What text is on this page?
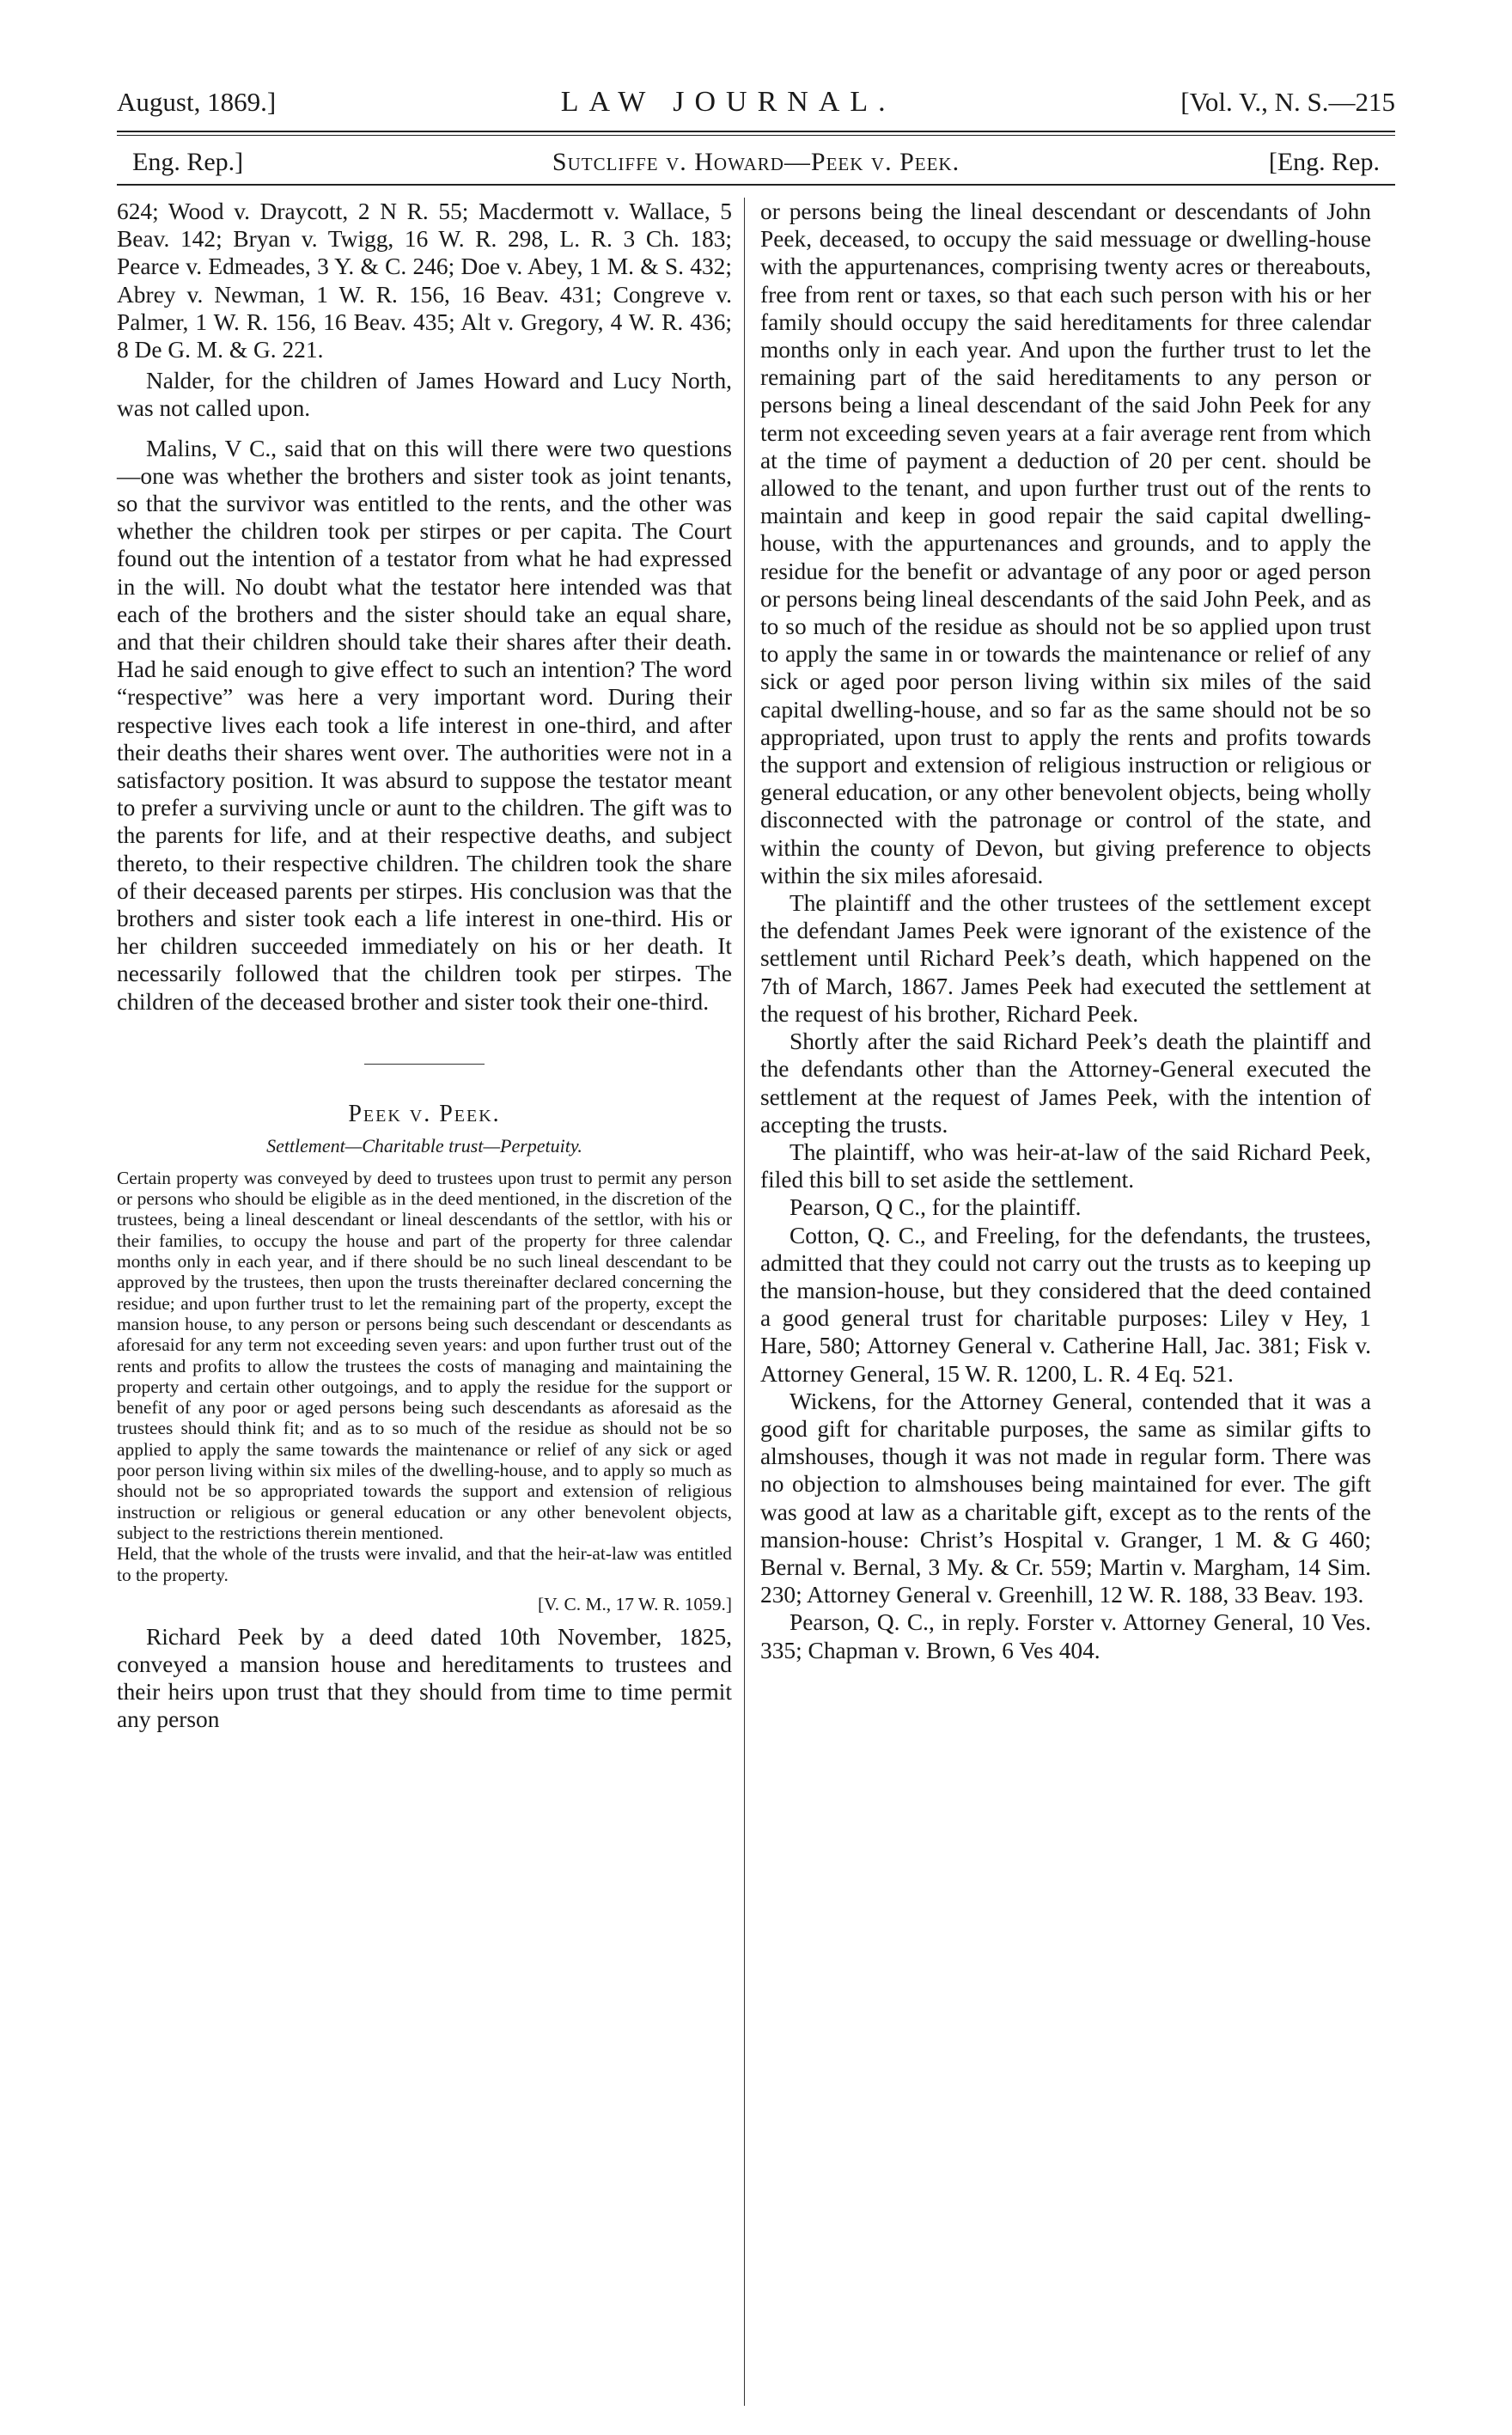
August, 1869.]	LAW JOURNAL.	[Vol. V., N. S.—215
Eng. Rep.]	Sutcliffe v. Howard—Peek v. Peek.	[Eng. Rep.

624; Wood v. Draycott, 2 N R. 55; Macdermott v. Wallace, 5 Beav. 142; Bryan v. Twigg, 16 W. R. 298, L. R. 3 Ch. 183; Pearce v. Edmeades, 3 Y. & C. 246; Doe v. Abey, 1 M. & S. 432; Abrey v. Newman, 1 W. R. 156, 16 Beav. 431; Congreve v. Palmer, 1 W. R. 156, 16 Beav. 435; Alt v. Gregory, 4 W. R. 436; 8 De G. M. & G. 221.

Nalder, for the children of James Howard and Lucy North, was not called upon.

Malins, V C., said that on this will there were two questions—one was whether the brothers and sister took as joint tenants, so that the survivor was entitled to the rents, and the other was whether the children took per stirpes or per capita. The Court found out the intention of a testator from what he had expressed in the will. No doubt what the testator here intended was that each of the brothers and the sister should take an equal share, and that their children should take their shares after their death. Had he said enough to give effect to such an intention? The word “respective” was here a very important word. During their respective lives each took a life interest in one-third, and after their deaths their shares went over. The authorities were not in a satisfactory position. It was absurd to suppose the testator meant to prefer a surviving uncle or aunt to the children. The gift was to the parents for life, and at their respective deaths, and subject thereto, to their respective children. The children took the share of their deceased parents per stirpes. His conclusion was that the brothers and sister took each a life interest in one-third. His or her children succeeded immediately on his or her death. It necessarily followed that the children took per stirpes. The children of the deceased brother and sister took their one-third.

Peek v. Peek.
Settlement—Charitable trust—Perpetuity.

Certain property was conveyed by deed to trustees upon trust to permit any person or persons who should be eligible as in the deed mentioned, in the discretion of the trustees, being a lineal descendant or lineal descendants of the settlor, with his or their families, to occupy the house and part of the property for three calendar months only in each year, and if there should be no such lineal descendant to be approved by the trustees, then upon the trusts thereinafter declared concerning the residue; and upon further trust to let the remaining part of the property, except the mansion house, to any person or persons being such descendant or descendants as aforesaid for any term not exceeding seven years: and upon further trust out of the rents and profits to allow the trustees the costs of managing and maintaining the property and certain other outgoings, and to apply the residue for the support or benefit of any poor or aged persons being such descendants as aforesaid as the trustees should think fit; and as to so much of the residue as should not be so applied to apply the same towards the maintenance or relief of any sick or aged poor person living within six miles of the dwelling-house, and to apply so much as should not be so appropriated towards the support and extension of religious instruction or religious or general education or any other benevolent objects, subject to the restrictions therein mentioned.

Held, that the whole of the trusts were invalid, and that the heir-at-law was entitled to the property.

[V. C. M., 17 W. R. 1059.]

Richard Peek by a deed dated 10th November, 1825, conveyed a mansion house and hereditaments to trustees and their heirs upon trust that they should from time to time permit any person

or persons being the lineal descendant or descendants of John Peek, deceased, to occupy the said messuage or dwelling-house with the appurtenances, comprising twenty acres or thereabouts, free from rent or taxes, so that each such person with his or her family should occupy the said hereditaments for three calendar months only in each year. And upon the further trust to let the remaining part of the said hereditaments to any person or persons being a lineal descendant of the said John Peek for any term not exceeding seven years at a fair average rent from which at the time of payment a deduction of 20 per cent. should be allowed to the tenant, and upon further trust out of the rents to maintain and keep in good repair the said capital dwelling-house, with the appurtenances and grounds, and to apply the residue for the benefit or advantage of any poor or aged person or persons being lineal descendants of the said John Peek, and as to so much of the residue as should not be so applied upon trust to apply the same in or towards the maintenance or relief of any sick or aged poor person living within six miles of the said capital dwelling-house, and so far as the same should not be so appropriated, upon trust to apply the rents and profits towards the support and extension of religious instruction or religious or general education, or any other benevolent objects, being wholly disconnected with the patronage or control of the state, and within the county of Devon, but giving preference to objects within the six miles aforesaid.

The plaintiff and the other trustees of the settlement except the defendant James Peek were ignorant of the existence of the settlement until Richard Peek’s death, which happened on the 7th of March, 1867. James Peek had executed the settlement at the request of his brother, Richard Peek.

Shortly after the said Richard Peek’s death the plaintiff and the defendants other than the Attorney-General executed the settlement at the request of James Peek, with the intention of accepting the trusts.

The plaintiff, who was heir-at-law of the said Richard Peek, filed this bill to set aside the settlement.

Pearson, Q C., for the plaintiff.

Cotton, Q. C., and Freeling, for the defendants, the trustees, admitted that they could not carry out the trusts as to keeping up the mansion-house, but they considered that the deed contained a good general trust for charitable purposes: Liley v Hey, 1 Hare, 580; Attorney General v. Catherine Hall, Jac. 381; Fisk v. Attorney General, 15 W. R. 1200, L. R. 4 Eq. 521.

Wickens, for the Attorney General, contended that it was a good gift for charitable purposes, the same as similar gifts to almshouses, though it was not made in regular form. There was no objection to almshouses being maintained for ever. The gift was good at law as a charitable gift, except as to the rents of the mansion-house: Christ’s Hospital v. Granger, 1 M. & G 460; Bernal v. Bernal, 3 My. & Cr. 559; Martin v. Margham, 14 Sim. 230; Attorney General v. Greenhill, 12 W. R. 188, 33 Beav. 193.

Pearson, Q. C., in reply. Forster v. Attorney General, 10 Ves. 335; Chapman v. Brown, 6 Ves 404.
